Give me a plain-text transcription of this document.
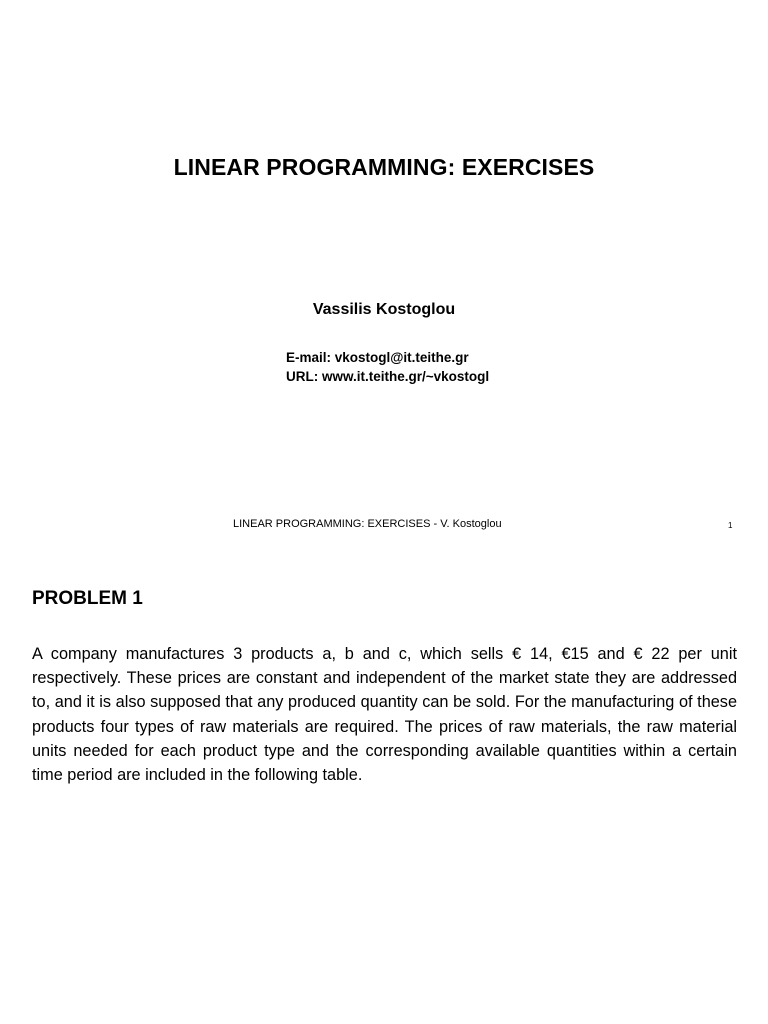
LINEAR PROGRAMMING: EXERCISES
Vassilis Kostoglou
E-mail: vkostogl@it.teithe.gr
URL: www.it.teithe.gr/~vkostogl
LINEAR PROGRAMMING: EXERCISES - V. Kostoglou	1
PROBLEM 1

A company manufactures 3 products a, b and c, which sells € 14, €15 and € 22 per unit respectively. These prices are constant and independent of the market state they are addressed to, and it is also supposed that any produced quantity can be sold. For the manufacturing of these products four types of raw materials are required. The prices of raw materials, the raw material units needed for each product type and the corresponding available quantities within a certain time period are included in the following table.
